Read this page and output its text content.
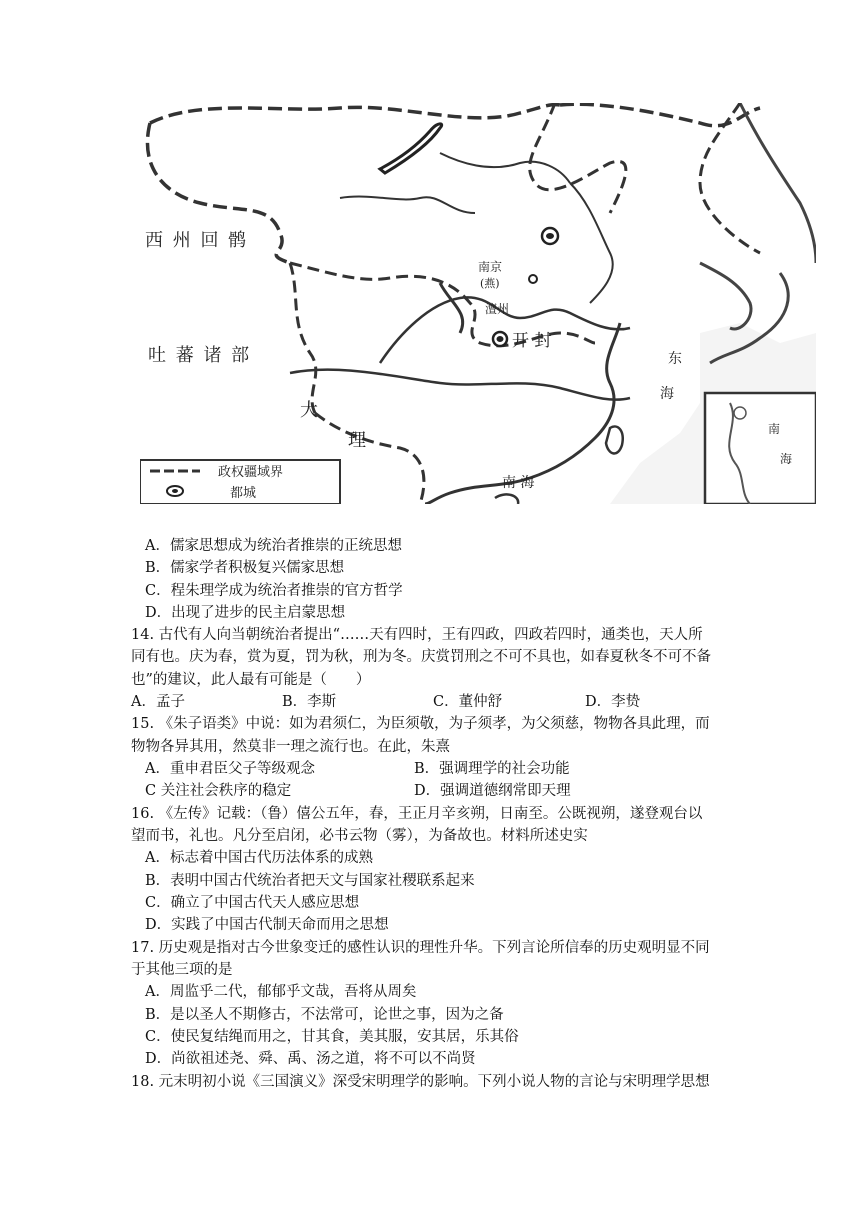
西 州 回 鹘
吐 蕃 诸 部
大
理
南京
(燕)
澶州
开 封
东
海
南 海
南
海
政权疆域界
都城
A．儒家思想成为统治者推崇的正统思想
B．儒家学者积极复兴儒家思想
C．程朱理学成为统治者推崇的官方哲学
D．出现了进步的民主启蒙思想
14. 古代有人向当朝统治者提出“……天有四时，王有四政，四政若四时，通类也，天人所
同有也。庆为春，赏为夏，罚为秋，刑为冬。庆赏罚刑之不可不具也，如春夏秋冬不可不备
也”的建议，此人最有可能是（　　）
A．孟子	B．李斯	C．董仲舒	D．李贽
15. 《朱子语类》中说：如为君须仁，为臣须敬，为子须孝，为父须慈，物物各具此理，而
物物各异其用，然莫非一理之流行也。在此，朱熹
A．重申君臣父子等级观念	B．强调理学的社会功能
C 关注社会秩序的稳定	D．强调道德纲常即天理
16. 《左传》记载：（鲁）僖公五年，春，王正月辛亥朔，日南至。公既视朔，遂登观台以
望而书，礼也。凡分至启闭，必书云物（雾），为备故也。材料所述史实
A．标志着中国古代历法体系的成熟
B．表明中国古代统治者把天文与国家社稷联系起来
C．确立了中国古代天人感应思想
D．实践了中国古代制天命而用之思想
17. 历史观是指对古今世象变迁的感性认识的理性升华。下列言论所信奉的历史观明显不同
于其他三项的是
A．周监乎二代，郁郁乎文哉，吾将从周矣
B．是以圣人不期修古，不法常可，论世之事，因为之备
C．使民复结绳而用之，甘其食，美其服，安其居，乐其俗
D．尚欲祖述尧、舜、禹、汤之道，将不可以不尚贤
18. 元末明初小说《三国演义》深受宋明理学的影响。下列小说人物的言论与宋明理学思想
